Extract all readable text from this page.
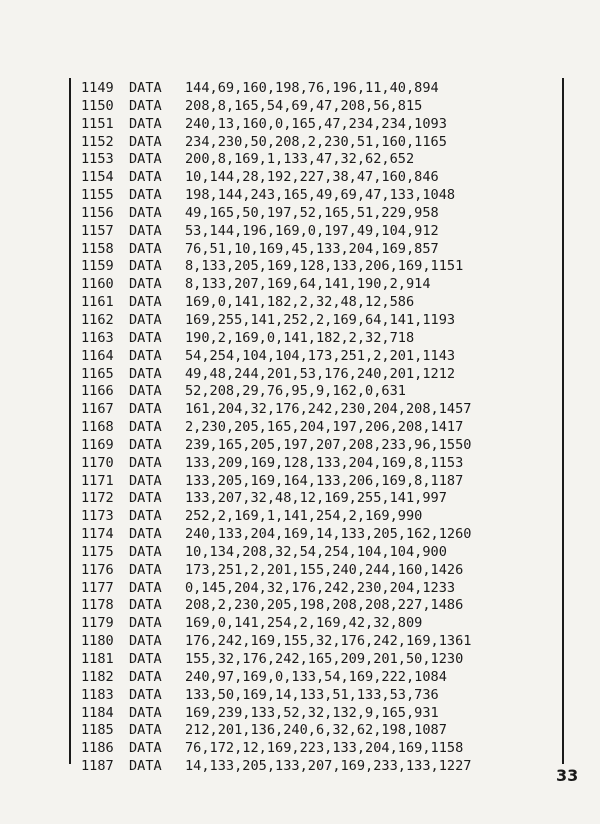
1149 DATA 144,69,160,198,76,196,11,40,894
1150 DATA 208,8,165,54,69,47,208,56,815
1151 DATA 240,13,160,0,165,47,234,234,1093
1152 DATA 234,230,50,208,2,230,51,160,1165
1153 DATA 200,8,169,1,133,47,32,62,652
1154 DATA 10,144,28,192,227,38,47,160,846
1155 DATA 198,144,243,165,49,69,47,133,1048
1156 DATA 49,165,50,197,52,165,51,229,958
1157 DATA 53,144,196,169,0,197,49,104,912
1158 DATA 76,51,10,169,45,133,204,169,857
1159 DATA 8,133,205,169,128,133,206,169,1151
1160 DATA 8,133,207,169,64,141,190,2,914
1161 DATA 169,0,141,182,2,32,48,12,586
1162 DATA 169,255,141,252,2,169,64,141,1193
1163 DATA 190,2,169,0,141,182,2,32,718
1164 DATA 54,254,104,104,173,251,2,201,1143
1165 DATA 49,48,244,201,53,176,240,201,1212
1166 DATA 52,208,29,76,95,9,162,0,631
1167 DATA 161,204,32,176,242,230,204,208,1457
1168 DATA 2,230,205,165,204,197,206,208,1417
1169 DATA 239,165,205,197,207,208,233,96,1550
1170 DATA 133,209,169,128,133,204,169,8,1153
1171 DATA 133,205,169,164,133,206,169,8,1187
1172 DATA 133,207,32,48,12,169,255,141,997
1173 DATA 252,2,169,1,141,254,2,169,990
1174 DATA 240,133,204,169,14,133,205,162,1260
1175 DATA 10,134,208,32,54,254,104,104,900
1176 DATA 173,251,2,201,155,240,244,160,1426
1177 DATA 0,145,204,32,176,242,230,204,1233
1178 DATA 208,2,230,205,198,208,208,227,1486
1179 DATA 169,0,141,254,2,169,42,32,809
1180 DATA 176,242,169,155,32,176,242,169,1361
1181 DATA 155,32,176,242,165,209,201,50,1230
1182 DATA 240,97,169,0,133,54,169,222,1084
1183 DATA 133,50,169,14,133,51,133,53,736
1184 DATA 169,239,133,52,32,132,9,165,931
1185 DATA 212,201,136,240,6,32,62,198,1087
1186 DATA 76,172,12,169,223,133,204,169,1158
1187 DATA 14,133,205,133,207,169,233,133,1227	33
